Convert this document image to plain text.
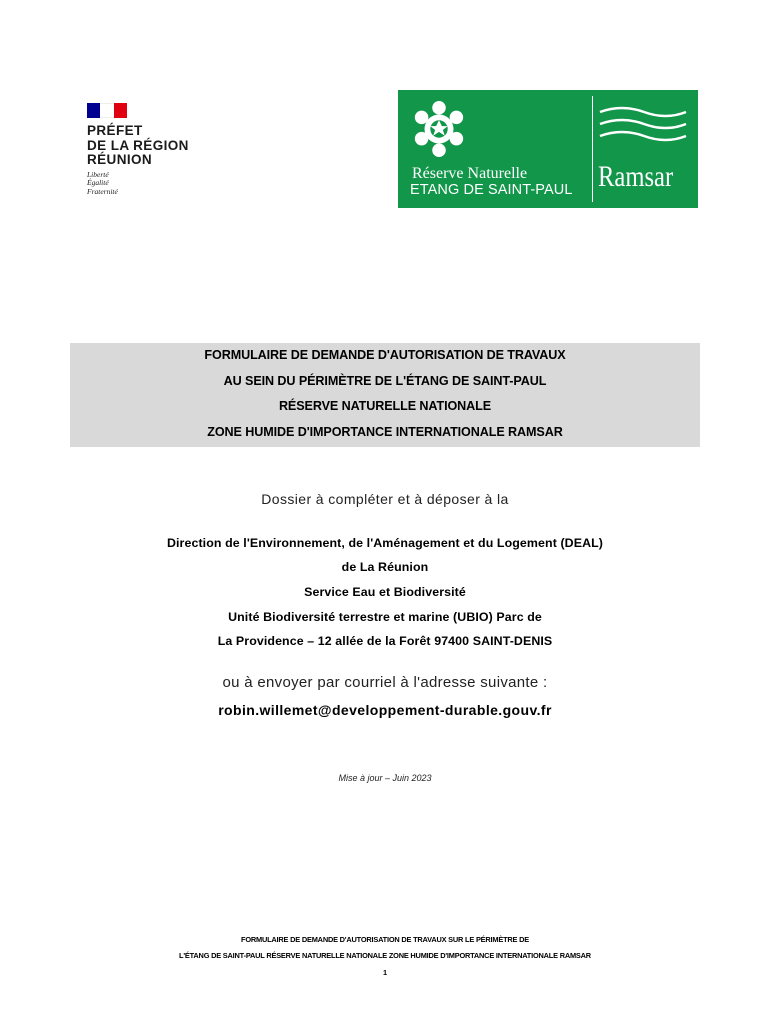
PRÉFET
DE LA RÉGION
RÉUNION
Liberté
Égalité
Fraternité
Réserve Naturelle
ETANG DE SAINT-PAUL Ramsar
FORMULAIRE DE DEMANDE D'AUTORISATION DE TRAVAUX
AU SEIN DU PÉRIMÈTRE DE L'ÉTANG DE SAINT-PAUL
RÉSERVE NATURELLE NATIONALE
ZONE HUMIDE D'IMPORTANCE INTERNATIONALE RAMSAR
Dossier à compléter et à déposer à la
Direction de l'Environnement, de l'Aménagement et du Logement (DEAL)
de La Réunion
Service Eau et Biodiversité
Unité Biodiversité terrestre et marine (UBIO) Parc de
La Providence – 12 allée de la Forêt 97400 SAINT-DENIS
ou à envoyer par courriel à l'adresse suivante :
robin.willemet@developpement-durable.gouv.fr
Mise à jour – Juin 2023
FORMULAIRE DE DEMANDE D'AUTORISATION DE TRAVAUX SUR LE PÉRIMÈTRE DE
L'ÉTANG DE SAINT-PAUL RÉSERVE NATURELLE NATIONALE ZONE HUMIDE D'IMPORTANCE INTERNATIONALE RAMSAR
1
